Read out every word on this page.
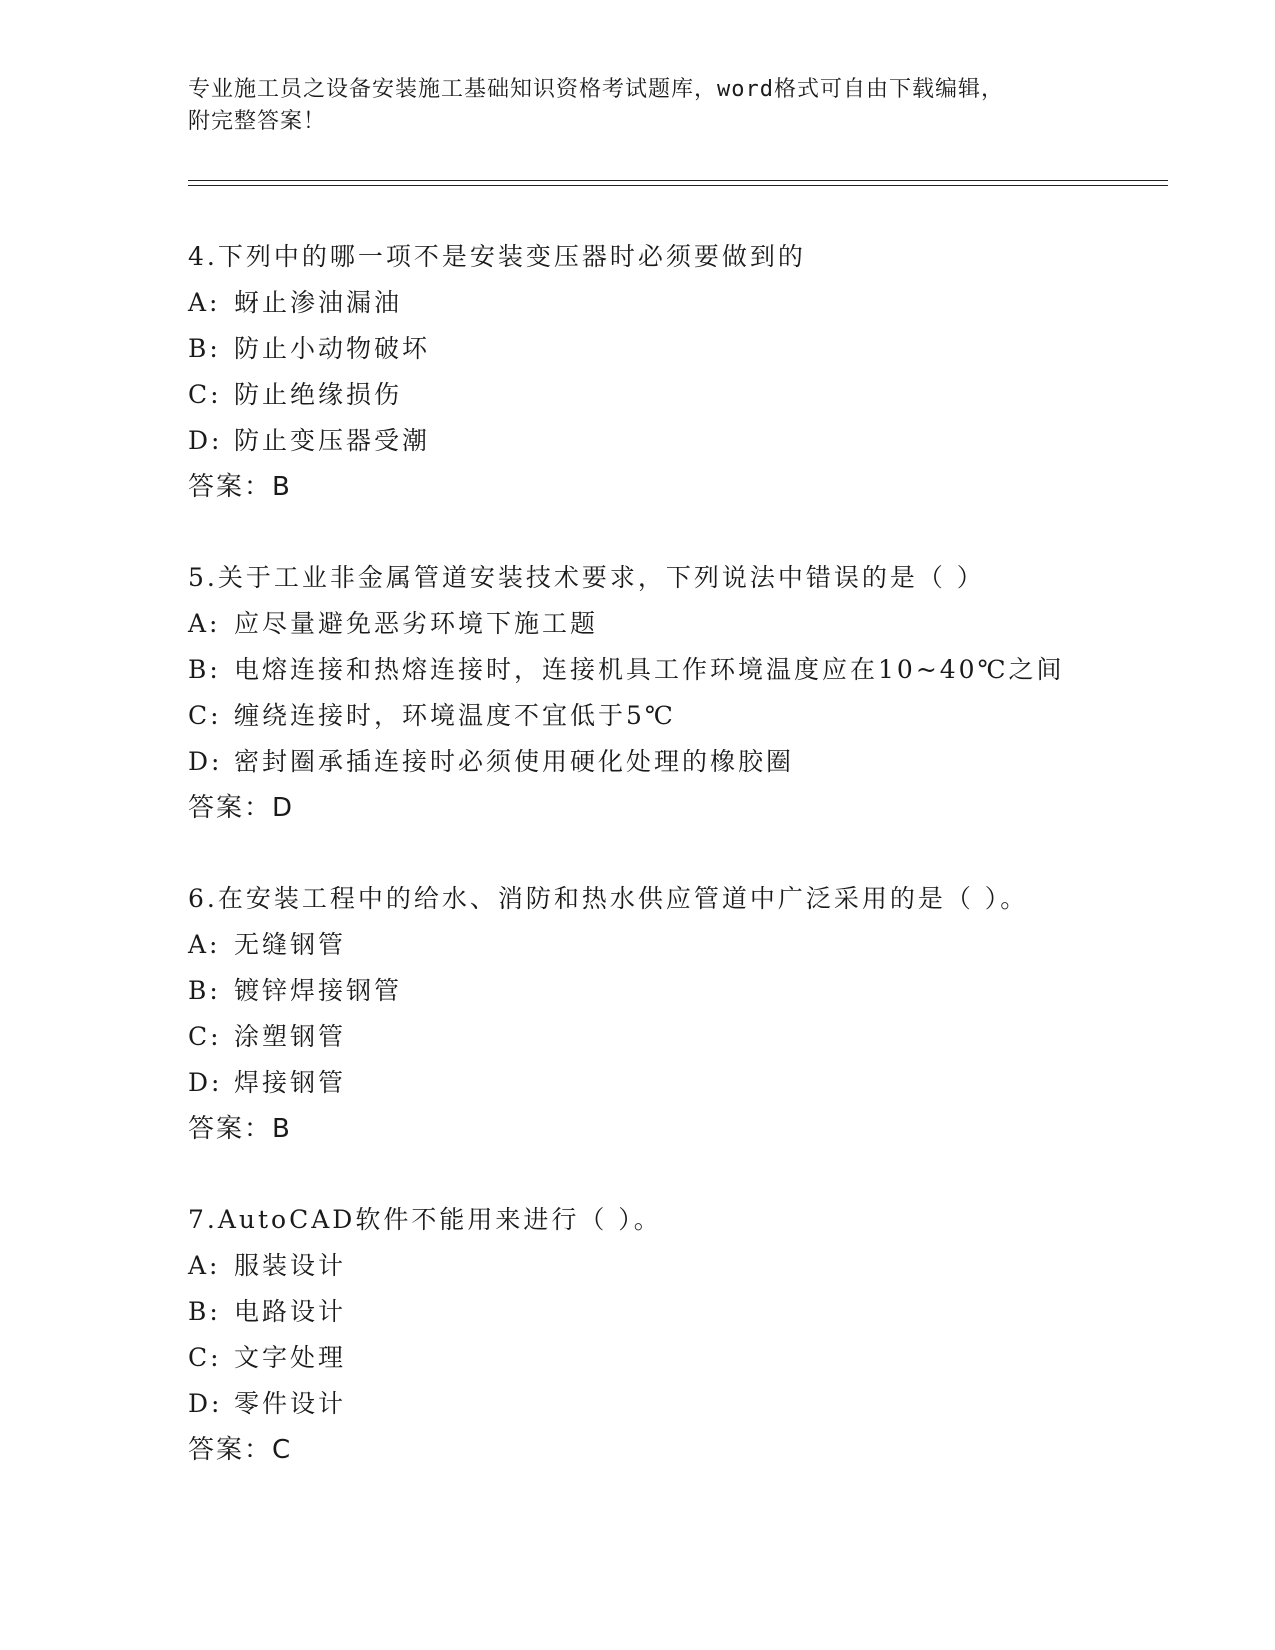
专业施工员之设备安装施工基础知识资格考试题库，word格式可自由下载编辑，
附完整答案！
4.下列中的哪一项不是安装变压器时必须要做到的
A: 蚜止渗油漏油
B: 防止小动物破坏
C: 防止绝缘损伤
D: 防止变压器受潮
答案：B
5.关于工业非金属管道安装技术要求，下列说法中错误的是（ ）
A: 应尽量避免恶劣环境下施工题
B: 电熔连接和热熔连接时，连接机具工作环境温度应在10~40℃之间
C: 缠绕连接时，环境温度不宜低于5℃
D: 密封圈承插连接时必须使用硬化处理的橡胶圈
答案：D
6.在安装工程中的给水、消防和热水供应管道中广泛采用的是（ ）。
A: 无缝钢管
B: 镀锌焊接钢管
C: 涂塑钢管
D: 焊接钢管
答案：B
7.AutoCAD软件不能用来进行（ ）。
A: 服装设计
B: 电路设计
C: 文字处理
D: 零件设计
答案：C
